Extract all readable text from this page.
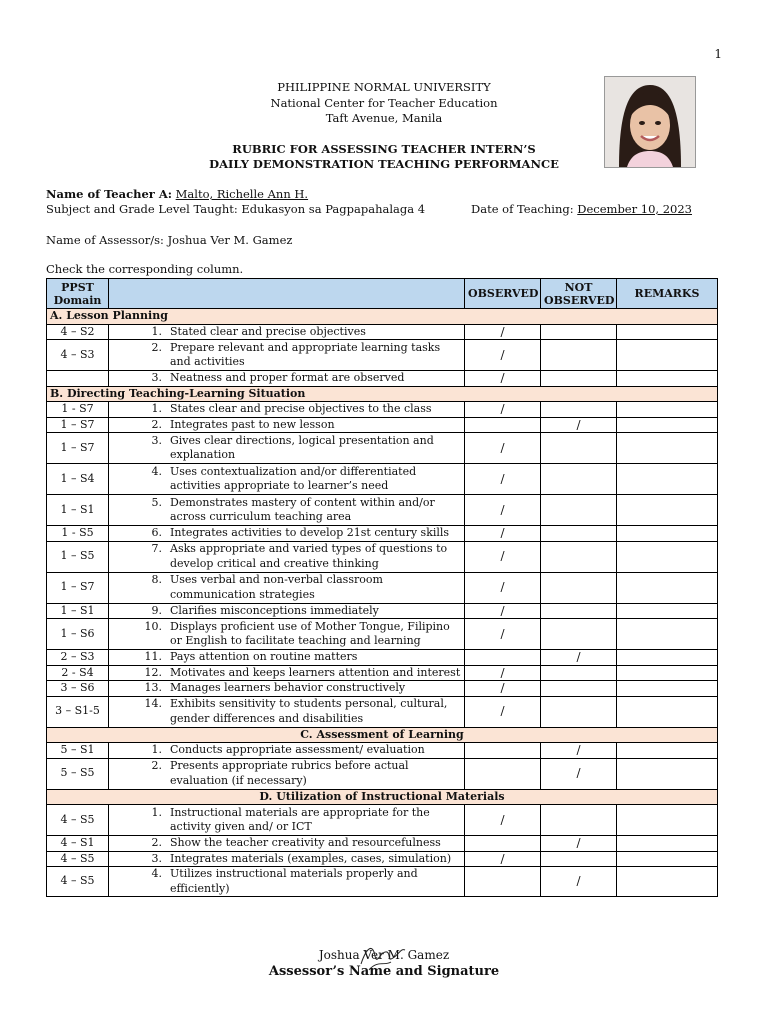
1
PHILIPPINE NORMAL UNIVERSITY
National Center for Teacher Education
Taft Avenue, Manila
RUBRIC FOR ASSESSING TEACHER INTERN’S
DAILY DEMONSTRATION TEACHING PERFORMANCE
Name of Teacher A: Malto, Richelle Ann H.
Subject and Grade Level Taught: Edukasyon sa Pagpapahalaga 4	Date of Teaching: December 10, 2023
Name of Assessor/s: Joshua Ver M. Gamez
Check the corresponding column.
PPST Domain		OBSERVED	NOT OBSERVED	REMARKS
A. Lesson Planning				
4 – S2	1. Stated clear and precise objectives	/		
4 – S3	2. Prepare relevant and appropriate learning tasks and activities	/		

	3. Neatness and proper format are observed	/		
B. Directing Teaching-Learning Situation				
1 - S7	1. States clear and precise objectives to the class	/		
1 – S7	2. Integrates past to new lesson		/	
1 – S7	3. Gives clear directions, logical presentation and explanation	/		
1 – S4	4. Uses contextualization and/or differentiated activities appropriate to learner’s need	/		
1 – S1	5. Demonstrates mastery of content within and/or across curriculum teaching area	/		
1 - S5	6. Integrates activities to develop 21st century skills	/		
1 – S5	7. Asks appropriate and varied types of questions to develop critical and creative thinking	/		
1 – S7	8. Uses verbal and non-verbal classroom communication strategies	/		
1 – S1	9. Clarifies misconceptions immediately	/		
1 – S6	10. Displays proficient use of Mother Tongue, Filipino or English to facilitate teaching and learning	/		
2 – S3	11. Pays attention on routine matters		/	
2 - S4	12. Motivates and keeps learners attention and interest	/		
3 – S6	13. Manages learners behavior constructively	/		
3 – S1-5	14. Exhibits sensitivity to students personal, cultural, gender differences and disabilities	/		
C. Assessment of Learning				
5 – S1	1. Conducts appropriate assessment/ evaluation		/	
5 – S5	2. Presents appropriate rubrics before actual evaluation (if necessary)		/	
D. Utilization of Instructional Materials				
4 – S5	1. Instructional materials are appropriate for the activity given and/ or ICT	/		
4 – S1	2. Show the teacher creativity and resourcefulness		/	
4 – S5	3. Integrates materials (examples, cases, simulation)	/		
4 – S5	4. Utilizes instructional materials properly and efficiently)		/	
Joshua Ver M. Gamez
Assessor’s Name and Signature
